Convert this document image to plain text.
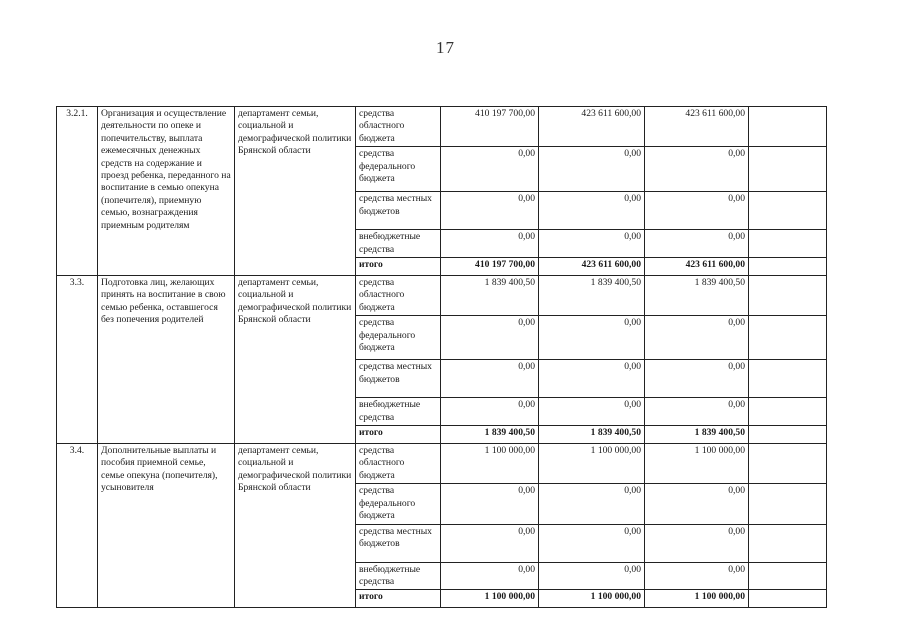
17
3.2.1.	Организация и осуществление деятельности по опеке и попечительству, выплата ежемесячных денежных средств на содержание и проезд ребенка, переданного на воспитание в семью опекуна (попечителя), приемную семью, вознаграждения приемным родителям	департамент семьи, социальной и демографической политики Брянской области	средства областного бюджета	410 197 700,00	423 611 600,00	423 611 600,00	
			средства федерального бюджета	0,00	0,00	0,00	
			средства местных бюджетов	0,00	0,00	0,00	
			внебюджетные средства	0,00	0,00	0,00	
			итого	410 197 700,00	423 611 600,00	423 611 600,00	
3.3.	Подготовка лиц, желающих принять на воспитание в свою семью ребенка, оставшегося без попечения родителей	департамент семьи, социальной и демографической политики Брянской области	средства областного бюджета	1 839 400,50	1 839 400,50	1 839 400,50	
			средства федерального бюджета	0,00	0,00	0,00	
			средства местных бюджетов	0,00	0,00	0,00	
			внебюджетные средства	0,00	0,00	0,00	
			итого	1 839 400,50	1 839 400,50	1 839 400,50	
3.4.	Дополнительные выплаты и пособия приемной семье, семье опекуна (попечителя), усыновителя	департамент семьи, социальной и демографической политики Брянской области	средства областного бюджета	1 100 000,00	1 100 000,00	1 100 000,00	
			средства федерального бюджета	0,00	0,00	0,00	
			средства местных бюджетов	0,00	0,00	0,00	
			внебюджетные средства	0,00	0,00	0,00	
			итого	1 100 000,00	1 100 000,00	1 100 000,00	
